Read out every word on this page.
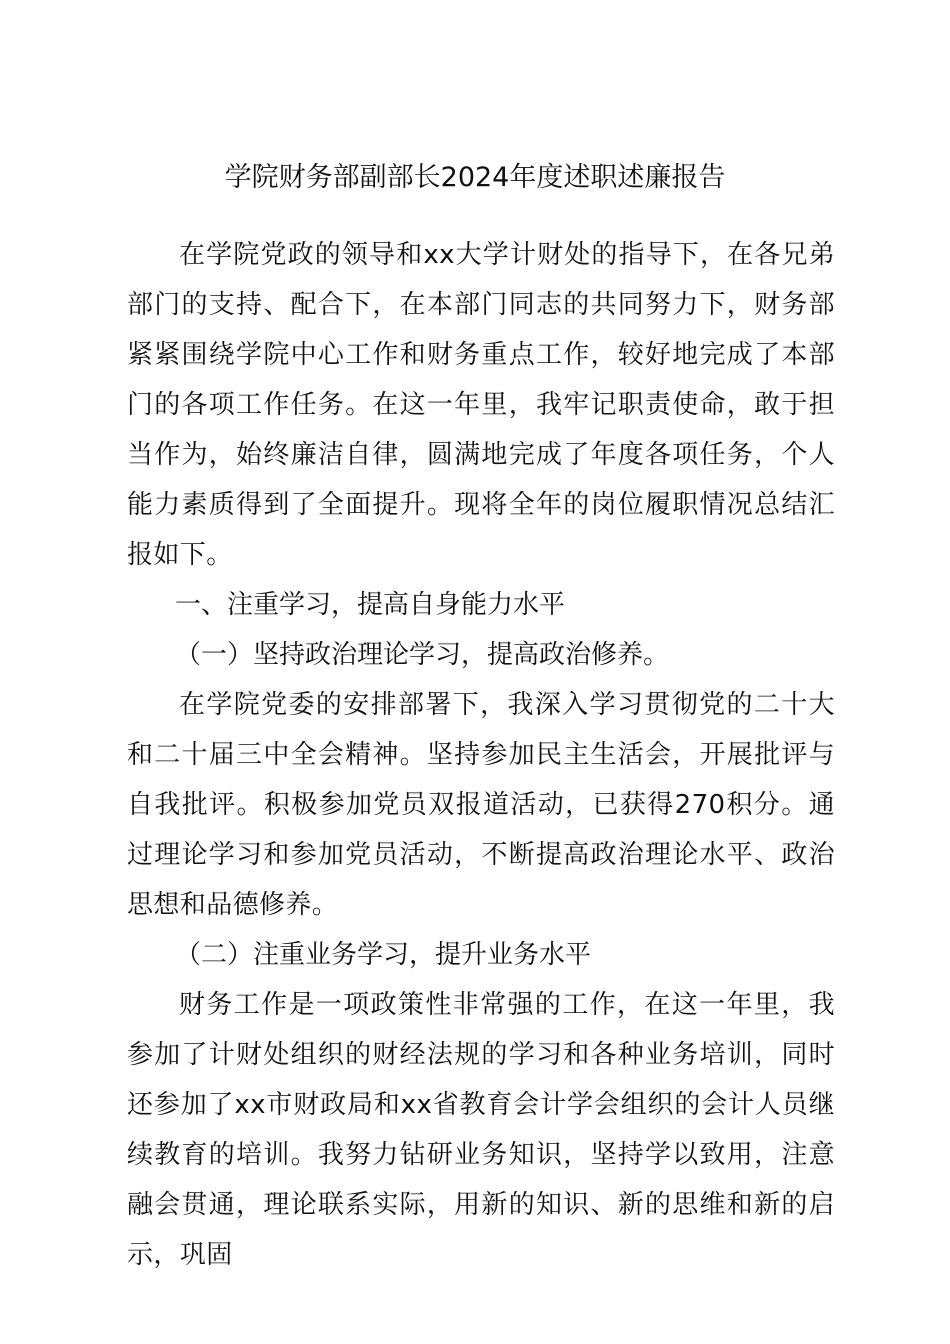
学院财务部副部长2024年度述职述廉报告

在学院党政的领导和xx大学计财处的指导下，在各兄弟部门的支持、配合下，在本部门同志的共同努力下，财务部紧紧围绕学院中心工作和财务重点工作，较好地完成了本部门的各项工作任务。在这一年里，我牢记职责使命，敢于担当作为，始终廉洁自律，圆满地完成了年度各项任务，个人能力素质得到了全面提升。现将全年的岗位履职情况总结汇报如下。

一、注重学习，提高自身能力水平

（一）坚持政治理论学习，提高政治修养。

在学院党委的安排部署下，我深入学习贯彻党的二十大和二十届三中全会精神。坚持参加民主生活会，开展批评与自我批评。积极参加党员双报道活动，已获得270积分。通过理论学习和参加党员活动，不断提高政治理论水平、政治思想和品德修养。

（二）注重业务学习，提升业务水平

财务工作是一项政策性非常强的工作，在这一年里，我参加了计财处组织的财经法规的学习和各种业务培训，同时还参加了xx市财政局和xx省教育会计学会组织的会计人员继续教育的培训。我努力钻研业务知识，坚持学以致用，注意融会贯通，理论联系实际，用新的知识、新的思维和新的启示，巩固
